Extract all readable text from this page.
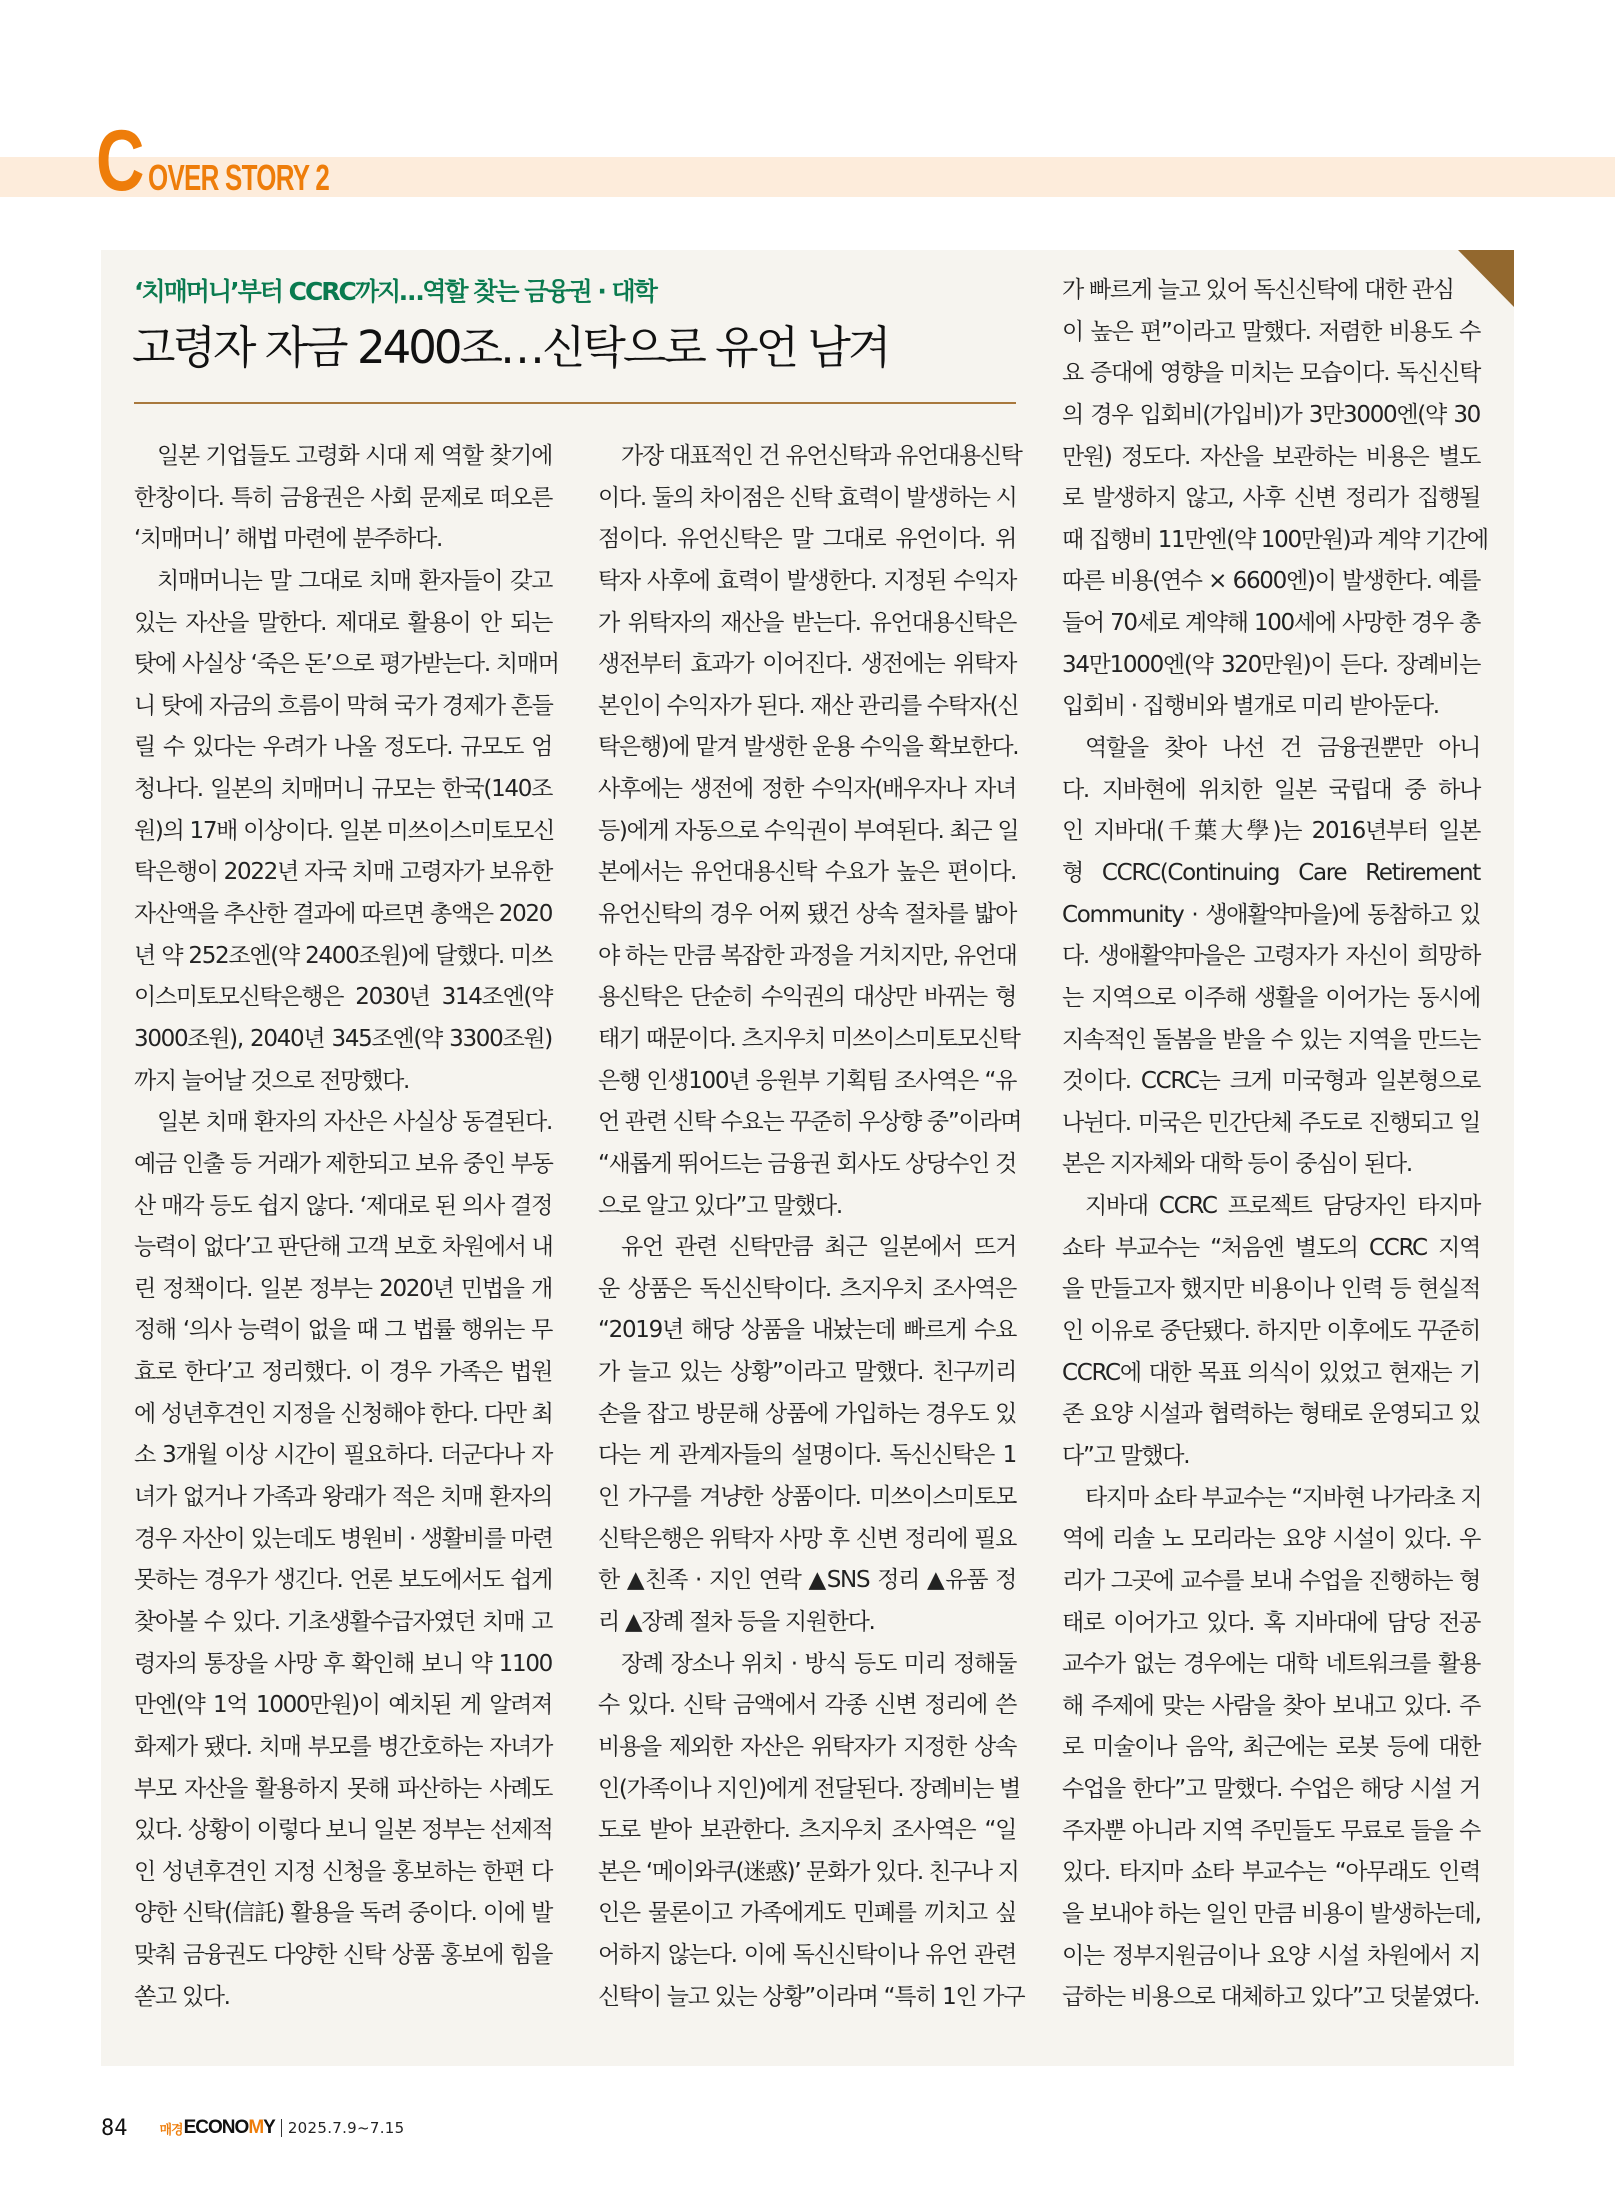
C OVER STORY 2
‘치매머니’부터 CCRC까지…역할 찾는 금융권 · 대학
고령자 자금 2400조…신탁으로 유언 남겨
일본 기업들도 고령화 시대 제 역할 찾기에
한창이다. 특히 금융권은 사회 문제로 떠오른
‘치매머니’ 해법 마련에 분주하다.
치매머니는 말 그대로 치매 환자들이 갖고
있는 자산을 말한다. 제대로 활용이 안 되는
탓에 사실상 ‘죽은 돈’으로 평가받는다. 치매머
니 탓에 자금의 흐름이 막혀 국가 경제가 흔들
릴 수 있다는 우려가 나올 정도다. 규모도 엄
청나다. 일본의 치매머니 규모는 한국(140조
원)의 17배 이상이다. 일본 미쓰이스미토모신
탁은행이 2022년 자국 치매 고령자가 보유한
자산액을 추산한 결과에 따르면 총액은 2020
년 약 252조엔(약 2400조원)에 달했다. 미쓰
이스미토모신탁은행은 2030년 314조엔(약
3000조원), 2040년 345조엔(약 3300조원)
까지 늘어날 것으로 전망했다.
일본 치매 환자의 자산은 사실상 동결된다.
예금 인출 등 거래가 제한되고 보유 중인 부동
산 매각 등도 쉽지 않다. ‘제대로 된 의사 결정
능력이 없다’고 판단해 고객 보호 차원에서 내
린 정책이다. 일본 정부는 2020년 민법을 개
정해 ‘의사 능력이 없을 때 그 법률 행위는 무
효로 한다’고 정리했다. 이 경우 가족은 법원
에 성년후견인 지정을 신청해야 한다. 다만 최
소 3개월 이상 시간이 필요하다. 더군다나 자
녀가 없거나 가족과 왕래가 적은 치매 환자의
경우 자산이 있는데도 병원비 · 생활비를 마련
못하는 경우가 생긴다. 언론 보도에서도 쉽게
찾아볼 수 있다. 기초생활수급자였던 치매 고
령자의 통장을 사망 후 확인해 보니 약 1100
만엔(약 1억 1000만원)이 예치된 게 알려져
화제가 됐다. 치매 부모를 병간호하는 자녀가
부모 자산을 활용하지 못해 파산하는 사례도
있다. 상황이 이렇다 보니 일본 정부는 선제적
인 성년후견인 지정 신청을 홍보하는 한편 다
양한 신탁(信託) 활용을 독려 중이다. 이에 발
맞춰 금융권도 다양한 신탁 상품 홍보에 힘을
쏟고 있다.
가장 대표적인 건 유언신탁과 유언대용신탁
이다. 둘의 차이점은 신탁 효력이 발생하는 시
점이다. 유언신탁은 말 그대로 유언이다. 위
탁자 사후에 효력이 발생한다. 지정된 수익자
가 위탁자의 재산을 받는다. 유언대용신탁은
생전부터 효과가 이어진다. 생전에는 위탁자
본인이 수익자가 된다. 재산 관리를 수탁자(신
탁은행)에 맡겨 발생한 운용 수익을 확보한다.
사후에는 생전에 정한 수익자(배우자나 자녀
등)에게 자동으로 수익권이 부여된다. 최근 일
본에서는 유언대용신탁 수요가 높은 편이다.
유언신탁의 경우 어찌 됐건 상속 절차를 밟아
야 하는 만큼 복잡한 과정을 거치지만, 유언대
용신탁은 단순히 수익권의 대상만 바뀌는 형
태기 때문이다. 츠지우치 미쓰이스미토모신탁
은행 인생100년 응원부 기획팀 조사역은 “유
언 관련 신탁 수요는 꾸준히 우상향 중”이라며
“새롭게 뛰어드는 금융권 회사도 상당수인 것
으로 알고 있다”고 말했다.
유언 관련 신탁만큼 최근 일본에서 뜨거
운 상품은 독신신탁이다. 츠지우치 조사역은
“2019년 해당 상품을 내놨는데 빠르게 수요
가 늘고 있는 상황”이라고 말했다. 친구끼리
손을 잡고 방문해 상품에 가입하는 경우도 있
다는 게 관계자들의 설명이다. 독신신탁은 1
인 가구를 겨냥한 상품이다. 미쓰이스미토모
신탁은행은 위탁자 사망 후 신변 정리에 필요
한 ▲친족 · 지인 연락 ▲SNS 정리 ▲유품 정
리 ▲장례 절차 등을 지원한다.
장례 장소나 위치 · 방식 등도 미리 정해둘
수 있다. 신탁 금액에서 각종 신변 정리에 쓴
비용을 제외한 자산은 위탁자가 지정한 상속
인(가족이나 지인)에게 전달된다. 장례비는 별
도로 받아 보관한다. 츠지우치 조사역은 “일
본은 ‘메이와쿠(迷惑)’ 문화가 있다. 친구나 지
인은 물론이고 가족에게도 민폐를 끼치고 싶
어하지 않는다. 이에 독신신탁이나 유언 관련
신탁이 늘고 있는 상황”이라며 “특히 1인 가구
가 빠르게 늘고 있어 독신신탁에 대한 관심
이 높은 편”이라고 말했다. 저렴한 비용도 수
요 증대에 영향을 미치는 모습이다. 독신신탁
의 경우 입회비(가입비)가 3만3000엔(약 30
만원) 정도다. 자산을 보관하는 비용은 별도
로 발생하지 않고, 사후 신변 정리가 집행될
때 집행비 11만엔(약 100만원)과 계약 기간에
따른 비용(연수 × 6600엔)이 발생한다. 예를
들어 70세로 계약해 100세에 사망한 경우 총
34만1000엔(약 320만원)이 든다. 장례비는
입회비 · 집행비와 별개로 미리 받아둔다.
역할을 찾아 나선 건 금융권뿐만 아니
다. 지바현에 위치한 일본 국립대 중 하나
인 지바대(千葉大學)는 2016년부터 일본
형 CCRC(Continuing Care Retirement
Community · 생애활약마을)에 동참하고 있
다. 생애활약마을은 고령자가 자신이 희망하
는 지역으로 이주해 생활을 이어가는 동시에
지속적인 돌봄을 받을 수 있는 지역을 만드는
것이다. CCRC는 크게 미국형과 일본형으로
나뉜다. 미국은 민간단체 주도로 진행되고 일
본은 지자체와 대학 등이 중심이 된다.
지바대 CCRC 프로젝트 담당자인 타지마
쇼타 부교수는 “처음엔 별도의 CCRC 지역
을 만들고자 했지만 비용이나 인력 등 현실적
인 이유로 중단됐다. 하지만 이후에도 꾸준히
CCRC에 대한 목표 의식이 있었고 현재는 기
존 요양 시설과 협력하는 형태로 운영되고 있
다”고 말했다.
타지마 쇼타 부교수는 “지바현 나가라초 지
역에 리솔 노 모리라는 요양 시설이 있다. 우
리가 그곳에 교수를 보내 수업을 진행하는 형
태로 이어가고 있다. 혹 지바대에 담당 전공
교수가 없는 경우에는 대학 네트워크를 활용
해 주제에 맞는 사람을 찾아 보내고 있다. 주
로 미술이나 음악, 최근에는 로봇 등에 대한
수업을 한다”고 말했다. 수업은 해당 시설 거
주자뿐 아니라 지역 주민들도 무료로 들을 수
있다. 타지마 쇼타 부교수는 “아무래도 인력
을 보내야 하는 일인 만큼 비용이 발생하는데,
이는 정부지원금이나 요양 시설 차원에서 지
급하는 비용으로 대체하고 있다”고 덧붙였다.
84 매경 ECONO M Y 2025.7.9~7.15
